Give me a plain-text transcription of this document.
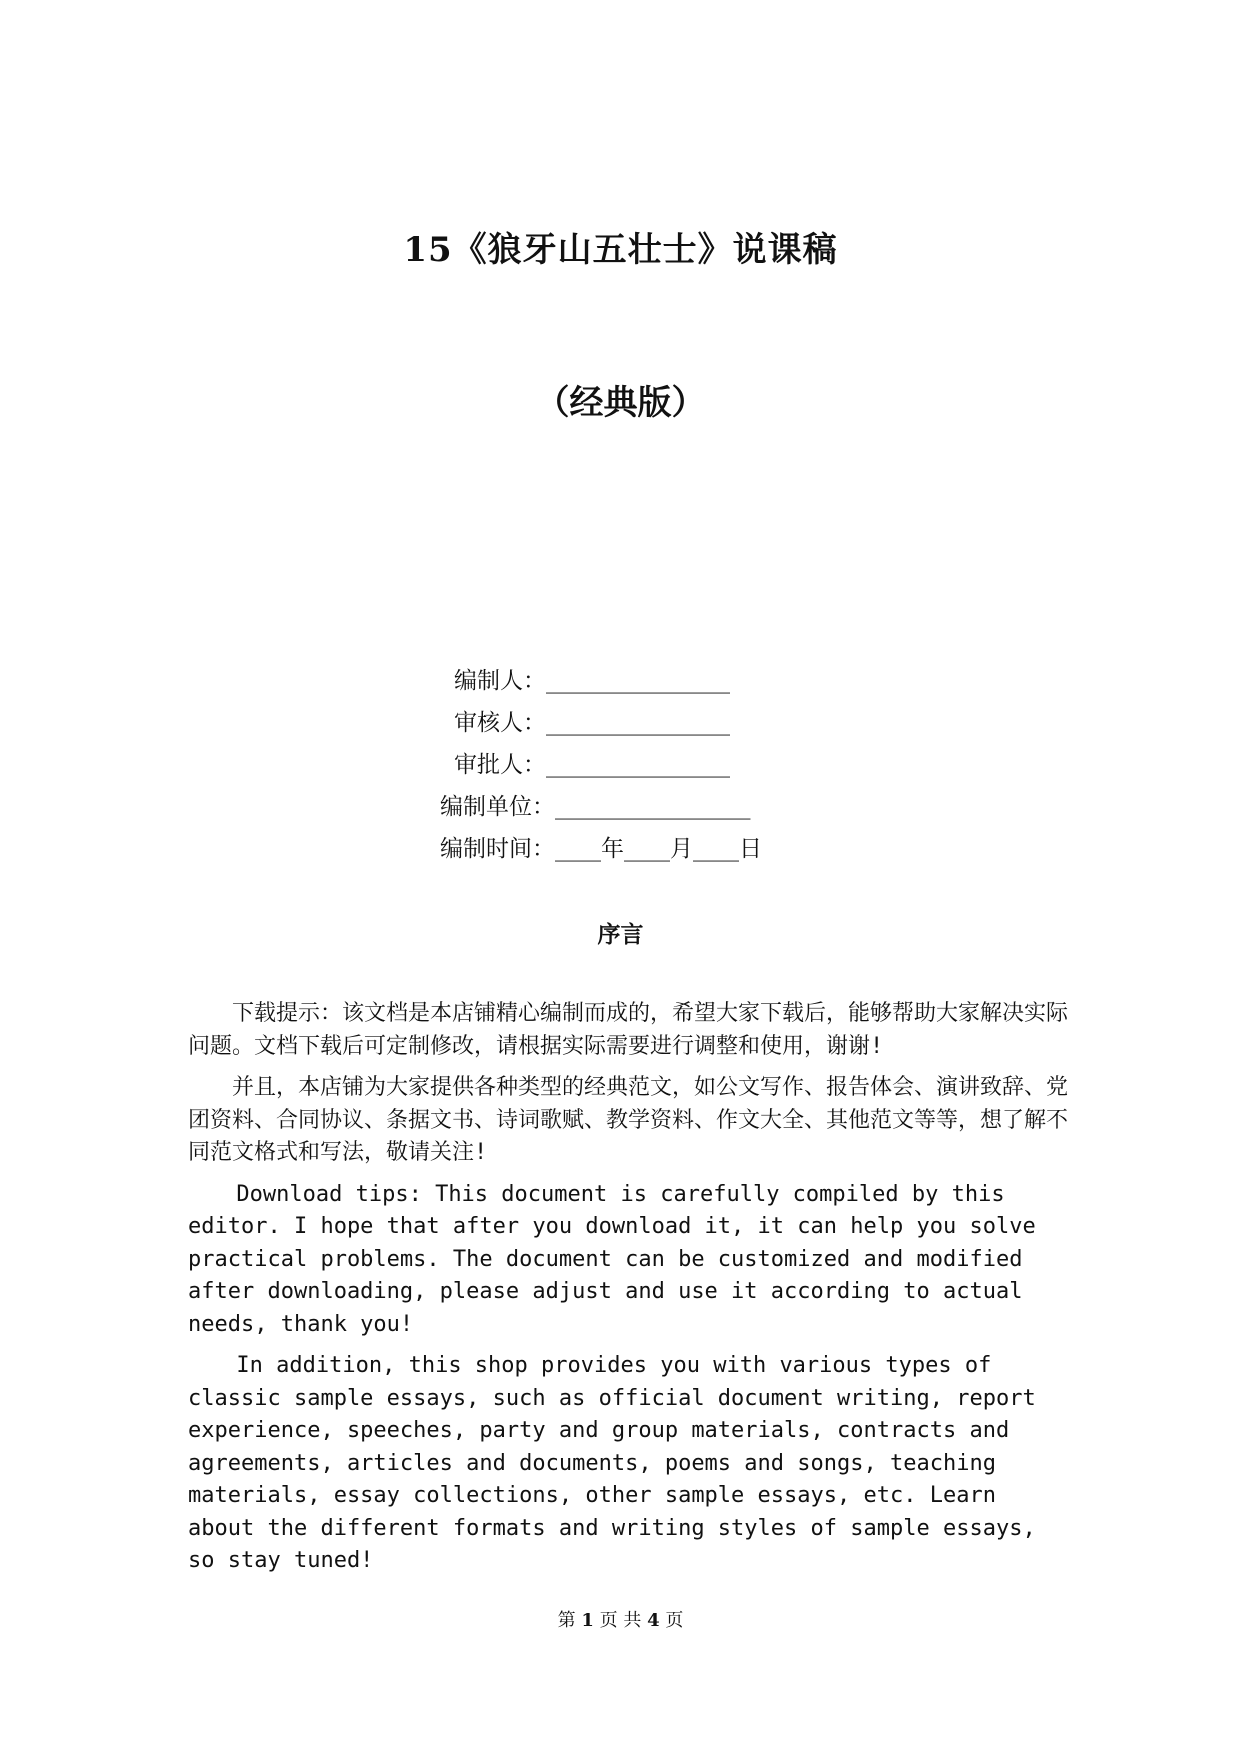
15《狼牙山五壮士》说课稿
（经典版）
编制人：________________
审核人：________________
审批人：________________
编制单位：_________________
编制时间：____年____月____日
序言

下载提示：该文档是本店铺精心编制而成的，希望大家下载后，能够帮助大家解决实际问题。文档下载后可定制修改，请根据实际需要进行调整和使用，谢谢!

并且，本店铺为大家提供各种类型的经典范文，如公文写作、报告体会、演讲致辞、党团资料、合同协议、条据文书、诗词歌赋、教学资料、作文大全、其他范文等等，想了解不同范文格式和写法，敬请关注!

Download tips: This document is carefully compiled by this editor. I hope that after you download it, it can help you solve practical problems. The document can be customized and modified after downloading, please adjust and use it according to actual needs, thank you!

In addition, this shop provides you with various types of classic sample essays, such as official document writing, report experience, speeches, party and group materials, contracts and agreements, articles and documents, poems and songs, teaching materials, essay collections, other sample essays, etc. Learn about the different formats and writing styles of sample essays, so stay tuned!

第 1 页 共 4 页
